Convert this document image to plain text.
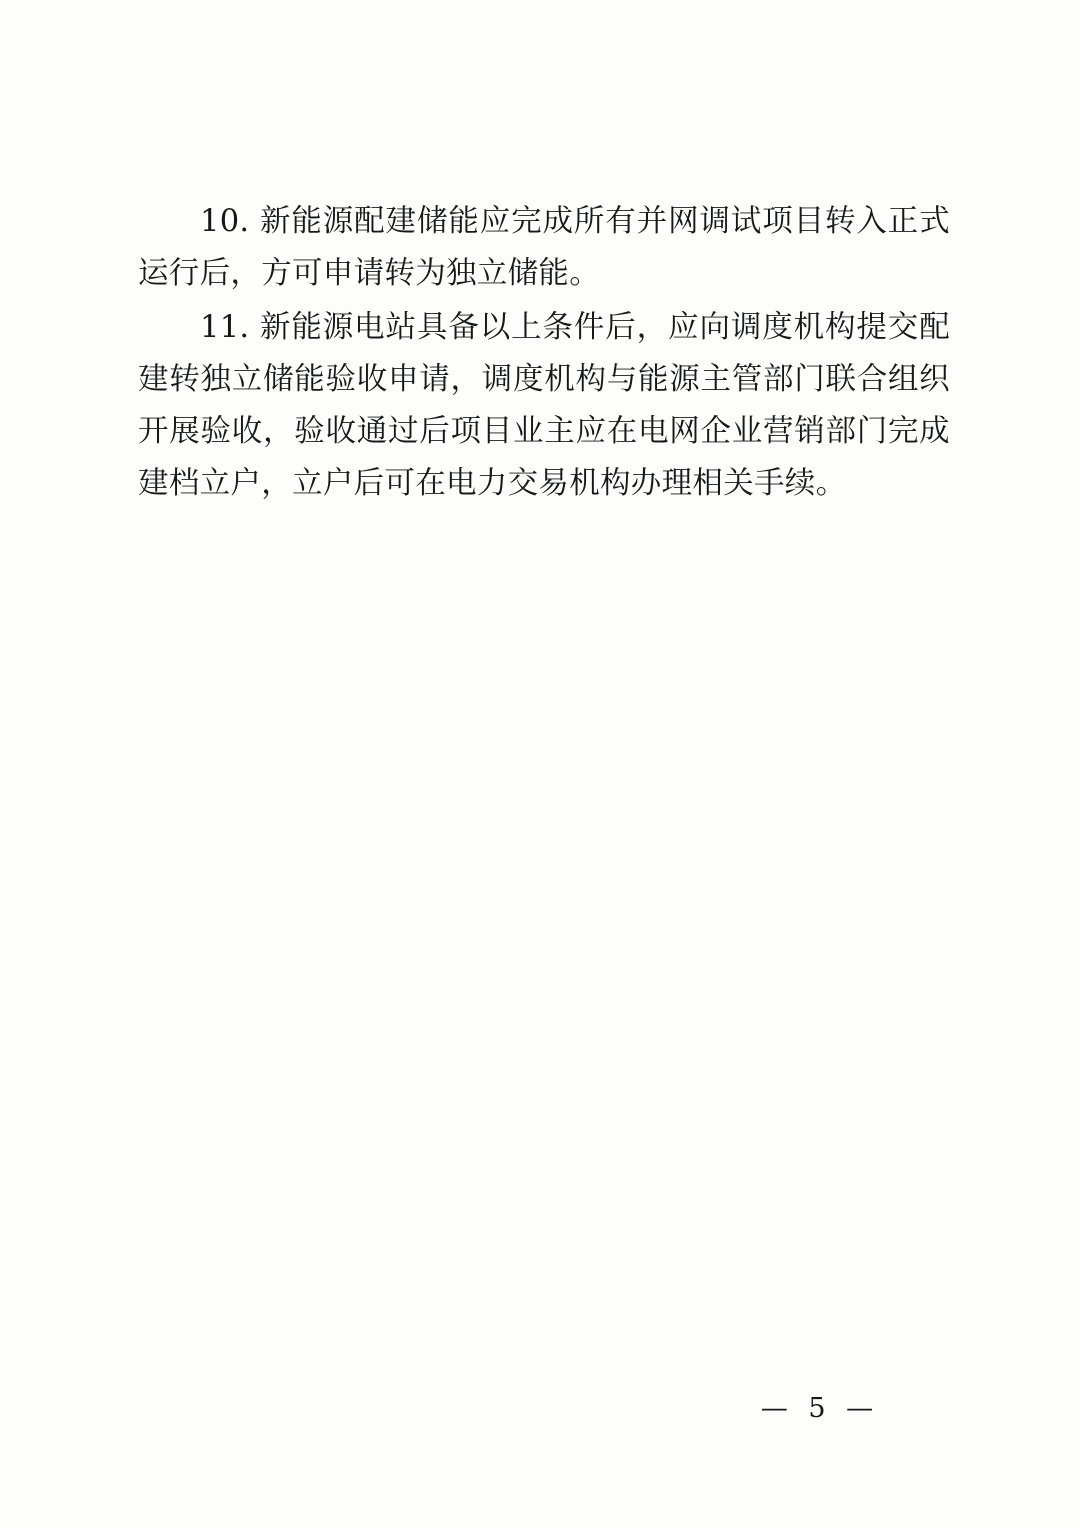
10. 新能源配建储能应完成所有并网调试项目转入正式运行后，方可申请转为独立储能。

11. 新能源电站具备以上条件后，应向调度机构提交配建转独立储能验收申请，调度机构与能源主管部门联合组织开展验收，验收通过后项目业主应在电网企业营销部门完成建档立户，立户后可在电力交易机构办理相关手续。

— 5 —
